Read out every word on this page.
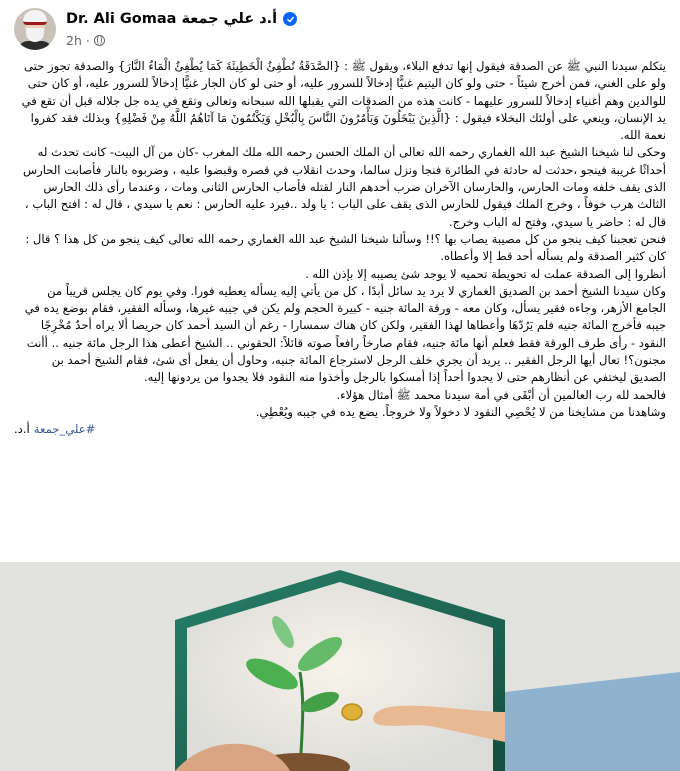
Dr. Ali Gomaa أ.د علي جمعة
2h ·

يتكلم سيدنا النبي ﷺ عن الصدقة فيقول إنها تدفع البلاء، ويقول ﷺ : {الصَّدَقَةُ تُطْفِئُ الْخَطِيئَةَ كَمَا يُطْفِئُ الْمَاءُ النَّارَ} والصدقة تجوز حتى ولو على الغني، فمن أخرج شيئاً - حتى ولو كان اليتيم غنيًّا إدخالاً للسرور عليه، أو حتى لو كان الجار غنيًّا إدخالاً للسرور عليه، أو كان حتى للوالدين وهم أغنياء إدخالاً للسرور عليهما - كانت هذه من الصدقات التي يقبلها الله سبحانه وتعالى وتقع في يده جل جلاله قبل أن تقع في يد الإنسان، وينعي على أولئك البخلاء فيقول : {الَّذِينَ يَبْخَلُونَ وَيَأْمُرُونَ النَّاسَ بِالْبُخْلِ وَيَكْتُمُونَ مَا آتَاهُمُ اللَّهُ مِنْ فَضْلِهِ} وبذلك فقد كفروا نعمة الله.

وحكى لنا شيخنا الشيخ عبد الله الغماري رحمه الله تعالى أن الملك الحسن رحمه الله ملك المغرب -كان من آل البيت- كانت تحدث له أحداثًا غريبة فينجو ،حدثت له حادثة في الطائرة فنجا ونزل سالما، وحدث انقلاب في قصره وقبضوا عليه ، وضربوه بالنار فأصابت الحارس الذى يقف خلفه ومات الحارس، والحارسان الآخران ضرب أحدهم النار لقتله فأصاب الحارس الثانى ومات ، وعندما رأى ذلك الحارس الثالث هرب خوفاً ، وخرج الملك فيقول للحارس الذى يقف على الباب : يا ولد ..فيرد عليه الحارس : نعم يا سيدي ، قال له : افتح الباب ، قال له : حاضر يا سيدي، وفتح له الباب وخرج.

فنحن تعجبنا كيف ينجو من كل مصيبة يصاب بها ؟!! وسألنا شيخنا الشيخ عبد الله الغماري رحمه الله تعالى كيف ينجو من كل هذا ؟ قال : كان كثير الصدقة ولم يسأله أحد قط إلا وأعطاه.

أنظروا إلى الصدقة عملت له تحويطة تحميه لا يوجد شئ يصيبه إلا بإذن الله .

وكان سيدنا الشيخ أحمد بن الصديق الغماري لا يرد يد سائل أبدًا ، كل من يأتي إليه يسأله يعطيه فورا. وفي يوم كان يجلس قريباً من الجامع الأزهر، وجاءه فقير يسأل، وكان معه - ورقة المائة جنيه - كبيرة الحجم ولم يكن في جيبه غيرها، وسأله الفقير، فقام بوضع يده في جيبه فأخرج المائة جنيه فلم يَرُدّهَا وأعطاها لهذا الفقير، ولكن كان هناك سمسارا - رغم أن السيد أحمد كان حريصا ألا يراه أحدٌ مُخْرِجًا النقود - رأى طرف الورقة فقط فعلم أنها مائة جنيه، فقام صارخاً رافعاً صوته قائلاً: الحقوني .. الشيخ أعطى هذا الرجل مائة جنيه .. أأنت مجنون؟! تعال أيها الرجل الفقير .. يريد أن يجري خلف الرجل لاسترجاع المائة جنيه، وحاول أن يفعل أى شئ، فقام الشيخ أحمد بن الصديق ليختفي عن أنظارهم حتى لا يجدوا أحداً إذا أمسكوا بالرجل وأخذوا منه النقود فلا يجدوا من يردونها إليه.

فالحمد لله رب العالمين أن أبْقَى في أمة سيدنا محمد ﷺ أمثال هؤلاء.

وشاهدنا من مشايخنا من لا يُحْصِي النقود لا دخولاً ولا خروجاً. يضع يده في جيبه ويُعْطِي.

أ.د. #علي_جمعة
